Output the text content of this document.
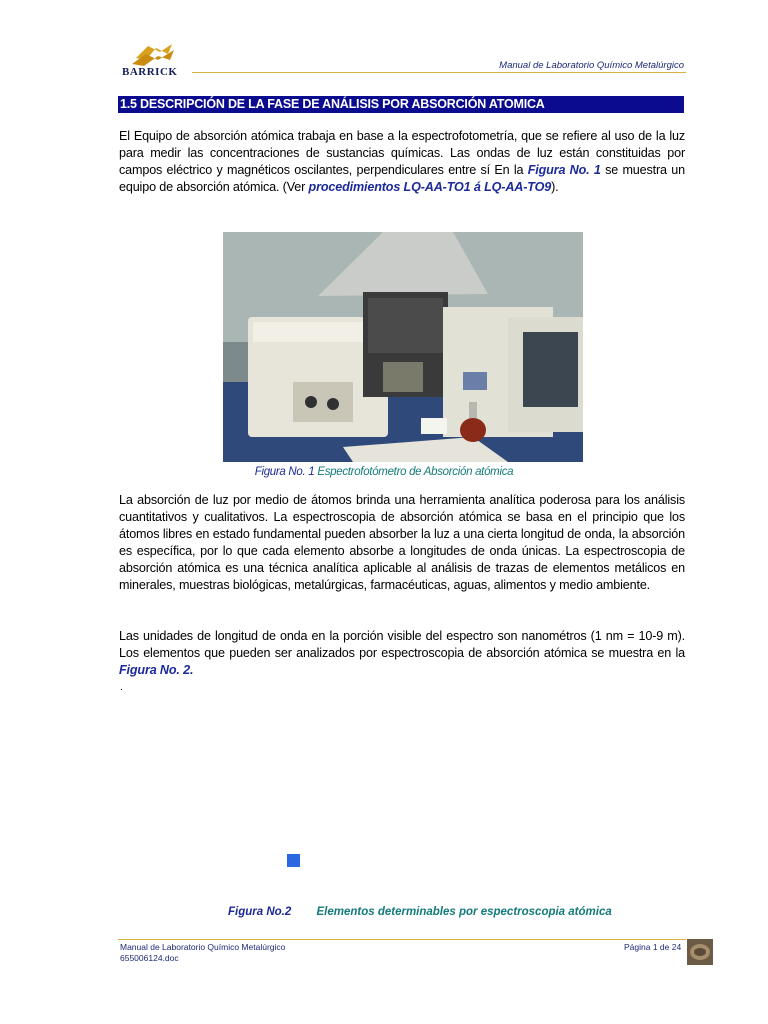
BARRICK
Manual de Laboratorio Químico Metalúrgico
1.5 DESCRIPCIÓN DE LA FASE DE ANÁLISIS POR ABSORCIÓN ATOMICA

El Equipo de absorción atómica trabaja en base a la espectrofotometría, que se refiere al uso de la luz para medir las concentraciones de sustancias químicas. Las ondas de luz están constituidas por campos eléctrico y magnéticos oscilantes, perpendiculares entre sí En la Figura No. 1 se muestra un equipo de absorción atómica. (Ver procedimientos LQ-AA-TO1 á LQ-AA-TO9).

Figura No. 1 Espectrofotómetro de Absorción atómica

La absorción de luz por medio de átomos brinda una herramienta analítica poderosa para los análisis cuantitativos y cualitativos. La espectroscopia de absorción atómica se basa en el principio que los átomos libres en estado fundamental pueden absorber la luz a una cierta longitud de onda, la absorción es específica, por lo que cada elemento absorbe a longitudes de onda únicas. La espectroscopia de absorción atómica es una técnica analítica aplicable al análisis de trazas de elementos metálicos en minerales, muestras biológicas, metalúrgicas, farmacéuticas, aguas, alimentos y medio ambiente.

Las unidades de longitud de onda en la porción visible del espectro son nanométros (1 nm = 10-9 m). Los elementos que pueden ser analizados por espectroscopia de absorción atómica se muestra en la Figura No. 2.

.
Figura No.2 Elementos determinables por espectroscopia atómica
Manual de Laboratorio Químico Metalúrgico
655006124.doc
Página 1 de 24
